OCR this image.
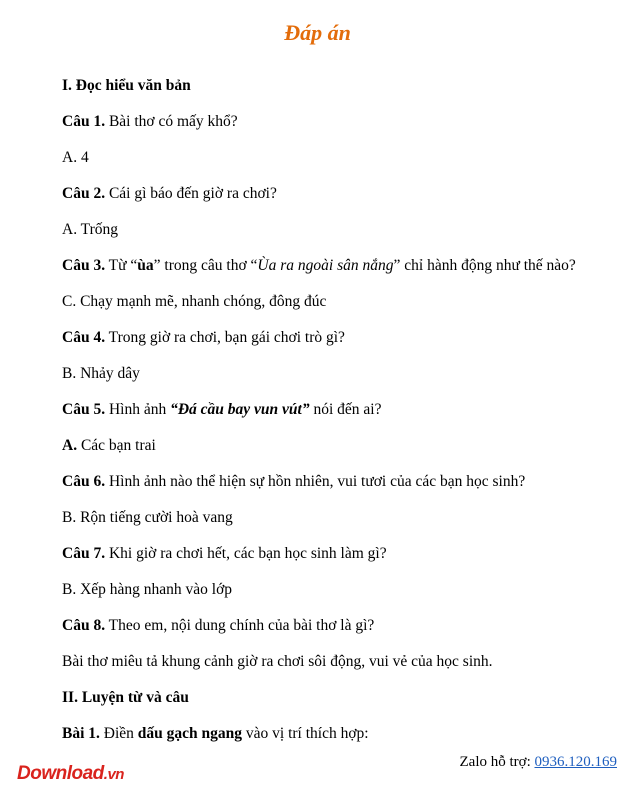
Đáp án
I. Đọc hiểu văn bản
Câu 1. Bài thơ có mấy khổ?
A. 4
Câu 2. Cái gì báo đến giờ ra chơi?
A. Trống
Câu 3. Từ “ùa” trong câu thơ “Ùa ra ngoài sân nắng” chỉ hành động như thế nào?
C. Chạy mạnh mẽ, nhanh chóng, đông đúc
Câu 4. Trong giờ ra chơi, bạn gái chơi trò gì?
B. Nhảy dây
Câu 5. Hình ảnh “Đá cầu bay vun vút” nói đến ai?
A. Các bạn trai
Câu 6. Hình ảnh nào thể hiện sự hồn nhiên, vui tươi của các bạn học sinh?
B. Rộn tiếng cười hoà vang
Câu 7. Khi giờ ra chơi hết, các bạn học sinh làm gì?
B. Xếp hàng nhanh vào lớp
Câu 8. Theo em, nội dung chính của bài thơ là gì?
Bài thơ miêu tả khung cảnh giờ ra chơi sôi động, vui vẻ của học sinh.
II. Luyện từ và câu
Bài 1. Điền dấu gạch ngang vào vị trí thích hợp:
Download.vn
Zalo hỗ trợ: 0936.120.169
